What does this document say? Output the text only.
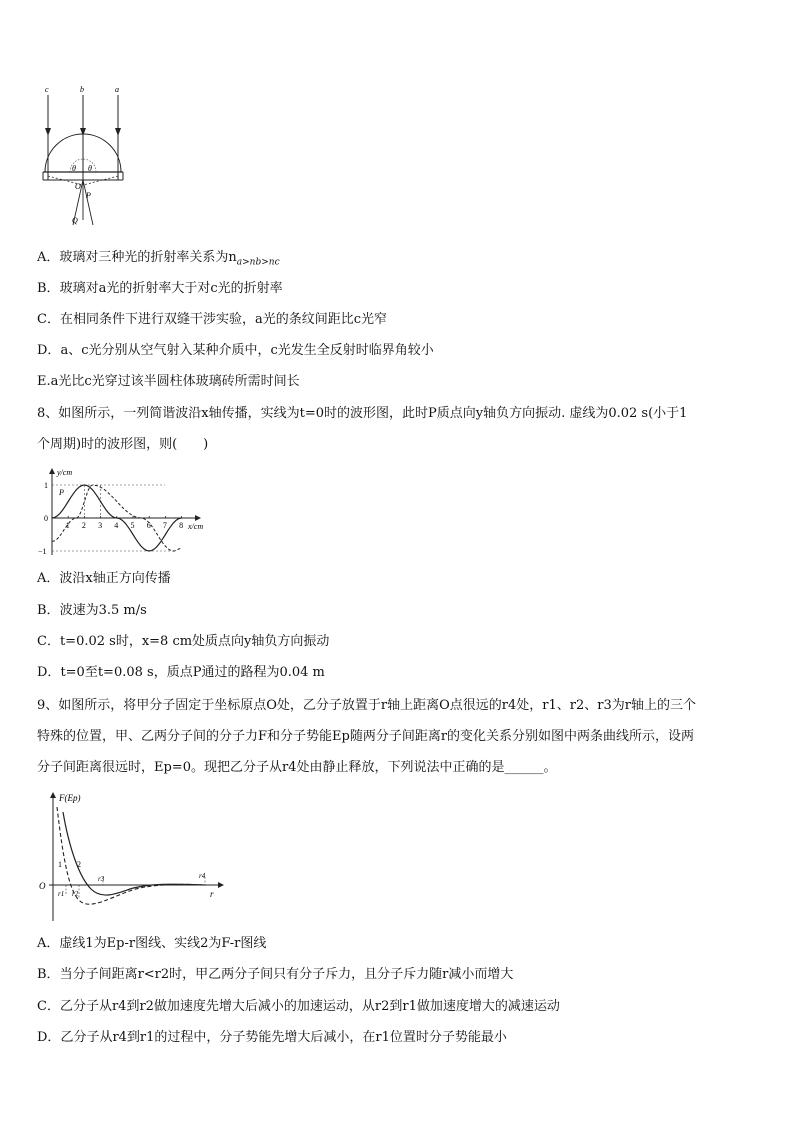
c	b	a
θ θ
O
P
Q
A．玻璃对三种光的折射率关系为$n_{a>nb>nc}$
B．玻璃对a光的折射率大于对c光的折射率
C．在相同条件下进行双缝干涉实验，a光的条纹间距比c光窄
D．a、c光分别从空气射入某种介质中，c光发生全反射时临界角较小
E.a光比c光穿过该半圆柱体玻璃砖所需时间长
8、如图所示，一列简谐波沿x轴传播，实线为t=0时的波形图，此时P质点向y轴负方向振动. 虚线为0.02 s(小于1
个周期)时的波形图，则(　　)
1 2 3 4 5 6 7 8
y/cm
x/cm
1
0
−1
P
A．波沿x轴正方向传播
B．波速为3.5 m/s
C．t=0.02 s时，x=8 cm处质点向y轴负方向振动
D．t=0至t=0.08 s，质点P通过的路程为0.04 m
9、如图所示，将甲分子固定于坐标原点O处，乙分子放置于r轴上距离O点很远的r4处，r1、r2、r3为r轴上的三个
特殊的位置，甲、乙两分子间的分子力F和分子势能Ep随两分子间距离r的变化关系分别如图中两条曲线所示，设两
分子间距离很远时，Ep=0。现把乙分子从r4处由静止释放，下列说法中正确的是______。
F(Ep)
r
O
1 2
r1 r2
r3	r4
A．虚线1为Ep-r图线、实线2为F-r图线
B．当分子间距离r<r2时，甲乙两分子间只有分子斥力，且分子斥力随r减小而增大
C．乙分子从r4到r2做加速度先增大后减小的加速运动，从r2到r1做加速度增大的减速运动
D．乙分子从r4到r1的过程中，分子势能先增大后减小，在r1位置时分子势能最小
